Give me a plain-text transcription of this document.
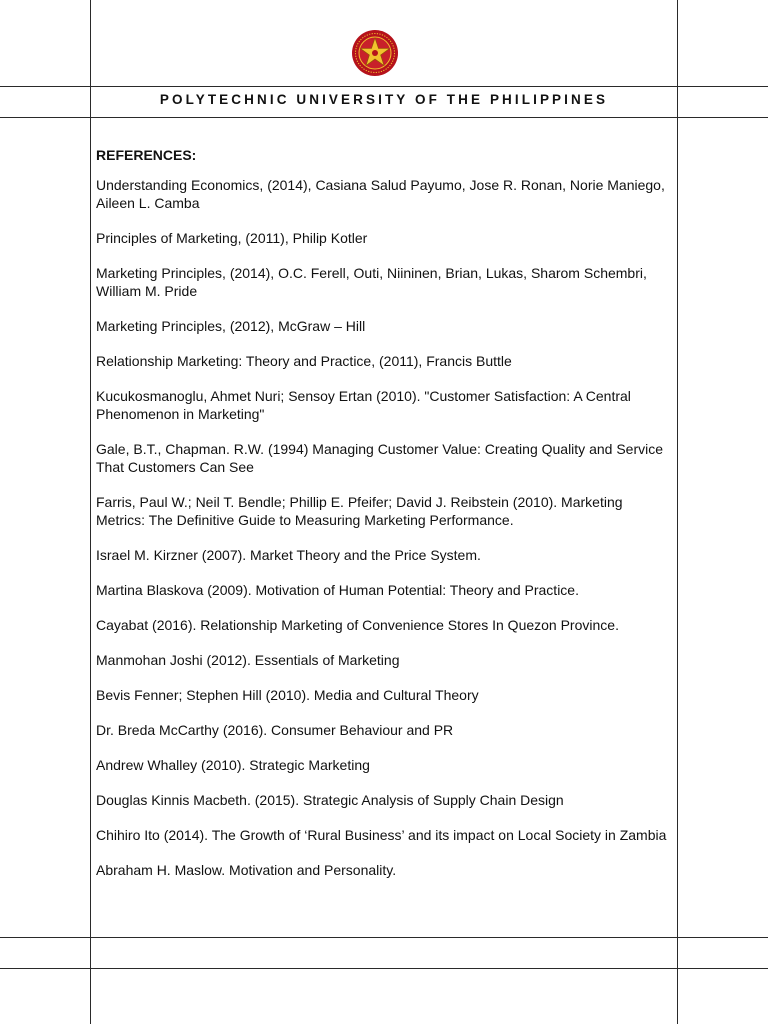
POLYTECHNIC UNIVERSITY OF THE PHILIPPINES
REFERENCES:
Understanding Economics, (2014), Casiana Salud Payumo, Jose R. Ronan, Norie Maniego, Aileen L. Camba
Principles of Marketing, (2011), Philip Kotler
Marketing Principles, (2014), O.C. Ferell, Outi, Niininen, Brian, Lukas, Sharom Schembri, William M. Pride
Marketing Principles, (2012), McGraw – Hill
Relationship Marketing: Theory and Practice, (2011), Francis Buttle
Kucukosmanoglu, Ahmet Nuri; Sensoy Ertan (2010). "Customer Satisfaction: A Central Phenomenon in Marketing"
Gale, B.T., Chapman. R.W. (1994) Managing Customer Value: Creating Quality and Service That Customers Can See
Farris, Paul W.; Neil T. Bendle; Phillip E. Pfeifer; David J. Reibstein (2010). Marketing Metrics: The Definitive Guide to Measuring Marketing Performance.
Israel M. Kirzner (2007). Market Theory and the Price System.
Martina Blaskova (2009). Motivation of Human Potential: Theory and Practice.
Cayabat (2016). Relationship Marketing of Convenience Stores In Quezon Province.
Manmohan Joshi (2012). Essentials of Marketing
Bevis Fenner; Stephen Hill (2010). Media and Cultural Theory
Dr. Breda McCarthy (2016). Consumer Behaviour and PR
Andrew Whalley (2010). Strategic Marketing
Douglas Kinnis Macbeth. (2015). Strategic Analysis of Supply Chain Design
Chihiro Ito (2014). The Growth of ‘Rural Business’ and its impact on Local Society in Zambia
Abraham H. Maslow. Motivation and Personality.
